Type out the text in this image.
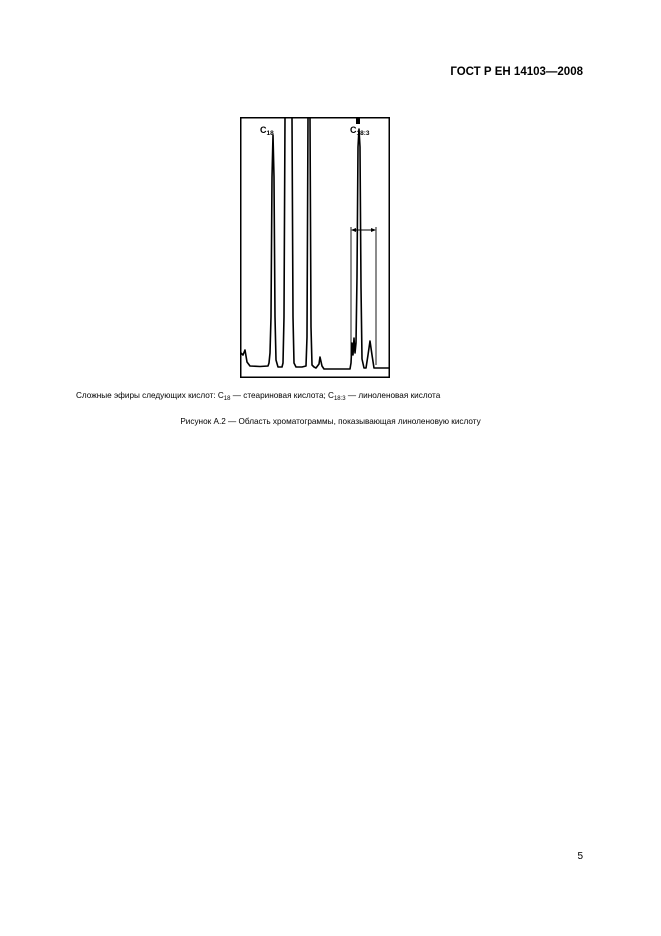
ГОСТ Р ЕН 14103—2008
$C_{18}$	$C_{18:3}$
Сложные эфиры следующих кислот: $C_{18}$ — стеариновая кислота; $C_{18:3}$ — линоленовая кислота
Рисунок А.2 — Область хроматограммы, показывающая линоленовую кислоту
5
